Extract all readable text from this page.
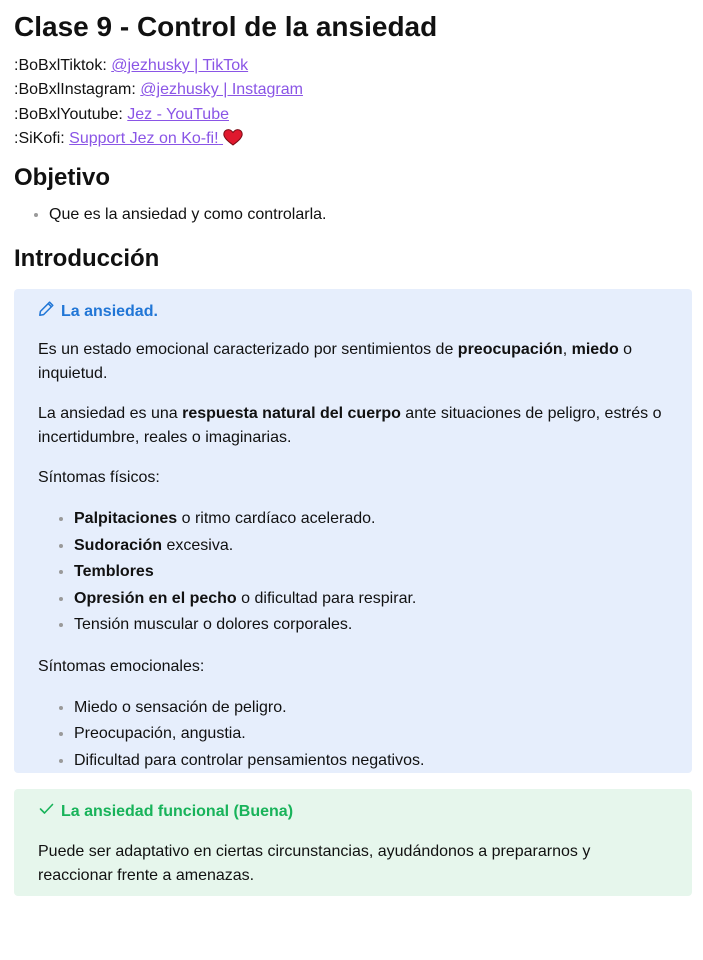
Clase 9 - Control de la ansiedad
:BoBxlTiktok: @jezhusky | TikTok
:BoBxlInstagram: @jezhusky | Instagram
:BoBxlYoutube: Jez - YouTube
:SiKofi: Support Jez on Ko-fi!
Objetivo
• Que es la ansiedad y como controlarla.
Introducción
La ansiedad.

Es un estado emocional caracterizado por sentimientos de preocupación, miedo o inquietud.

La ansiedad es una respuesta natural del cuerpo ante situaciones de peligro, estrés o incertidumbre, reales o imaginarias.

Síntomas físicos:

• Palpitaciones o ritmo cardíaco acelerado.
• Sudoración excesiva.
• Temblores
• Opresión en el pecho o dificultad para respirar.
• Tensión muscular o dolores corporales.

Síntomas emocionales:

• Miedo o sensación de peligro.
• Preocupación, angustia.
• Dificultad para controlar pensamientos negativos.
La ansiedad funcional (Buena)

Puede ser adaptativo en ciertas circunstancias, ayudándonos a prepararnos y reaccionar frente a amenazas.
